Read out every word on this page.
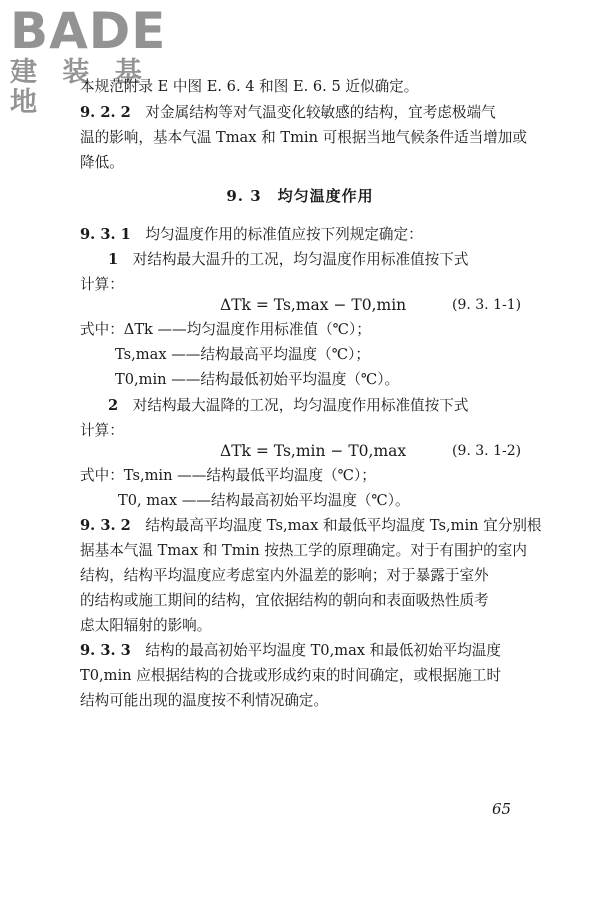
BADE
建 装 基 地
本规范附录 E 中图 E. 6. 4 和图 E. 6. 5 近似确定。
9. 2. 2　 对金属结构等对气温变化较敏感的结构，宜考虑极端气
温的影响，基本气温 Tmax 和 Tmin 可根据当地气候条件适当增加或
降低。
9. 3　均匀温度作用
9. 3. 1　 均匀温度作用的标准值应按下列规定确定：
1　 对结构最大温升的工况，均匀温度作用标准值按下式
计算：
ΔTk = Ts,max − T0,min	(9. 3. 1-1)
式中：ΔTk ——均匀温度作用标准值（℃）；
Ts,max ——结构最高平均温度（℃）；
T0,min ——结构最低初始平均温度（℃）。
2　 对结构最大温降的工况，均匀温度作用标准值按下式
计算：
ΔTk = Ts,min − T0,max	(9. 3. 1-2)
式中：Ts,min ——结构最低平均温度（℃）；
T0, max ——结构最高初始平均温度（℃）。
9. 3. 2　 结构最高平均温度 Ts,max 和最低平均温度 Ts,min 宜分别根
据基本气温 Tmax 和 Tmin 按热工学的原理确定。对于有围护的室内
结构，结构平均温度应考虑室内外温差的影响；对于暴露于室外
的结构或施工期间的结构，宜依据结构的朝向和表面吸热性质考
虑太阳辐射的影响。
9. 3. 3　 结构的最高初始平均温度 T0,max 和最低初始平均温度
T0,min 应根据结构的合拢或形成约束的时间确定，或根据施工时
结构可能出现的温度按不利情况确定。
65
